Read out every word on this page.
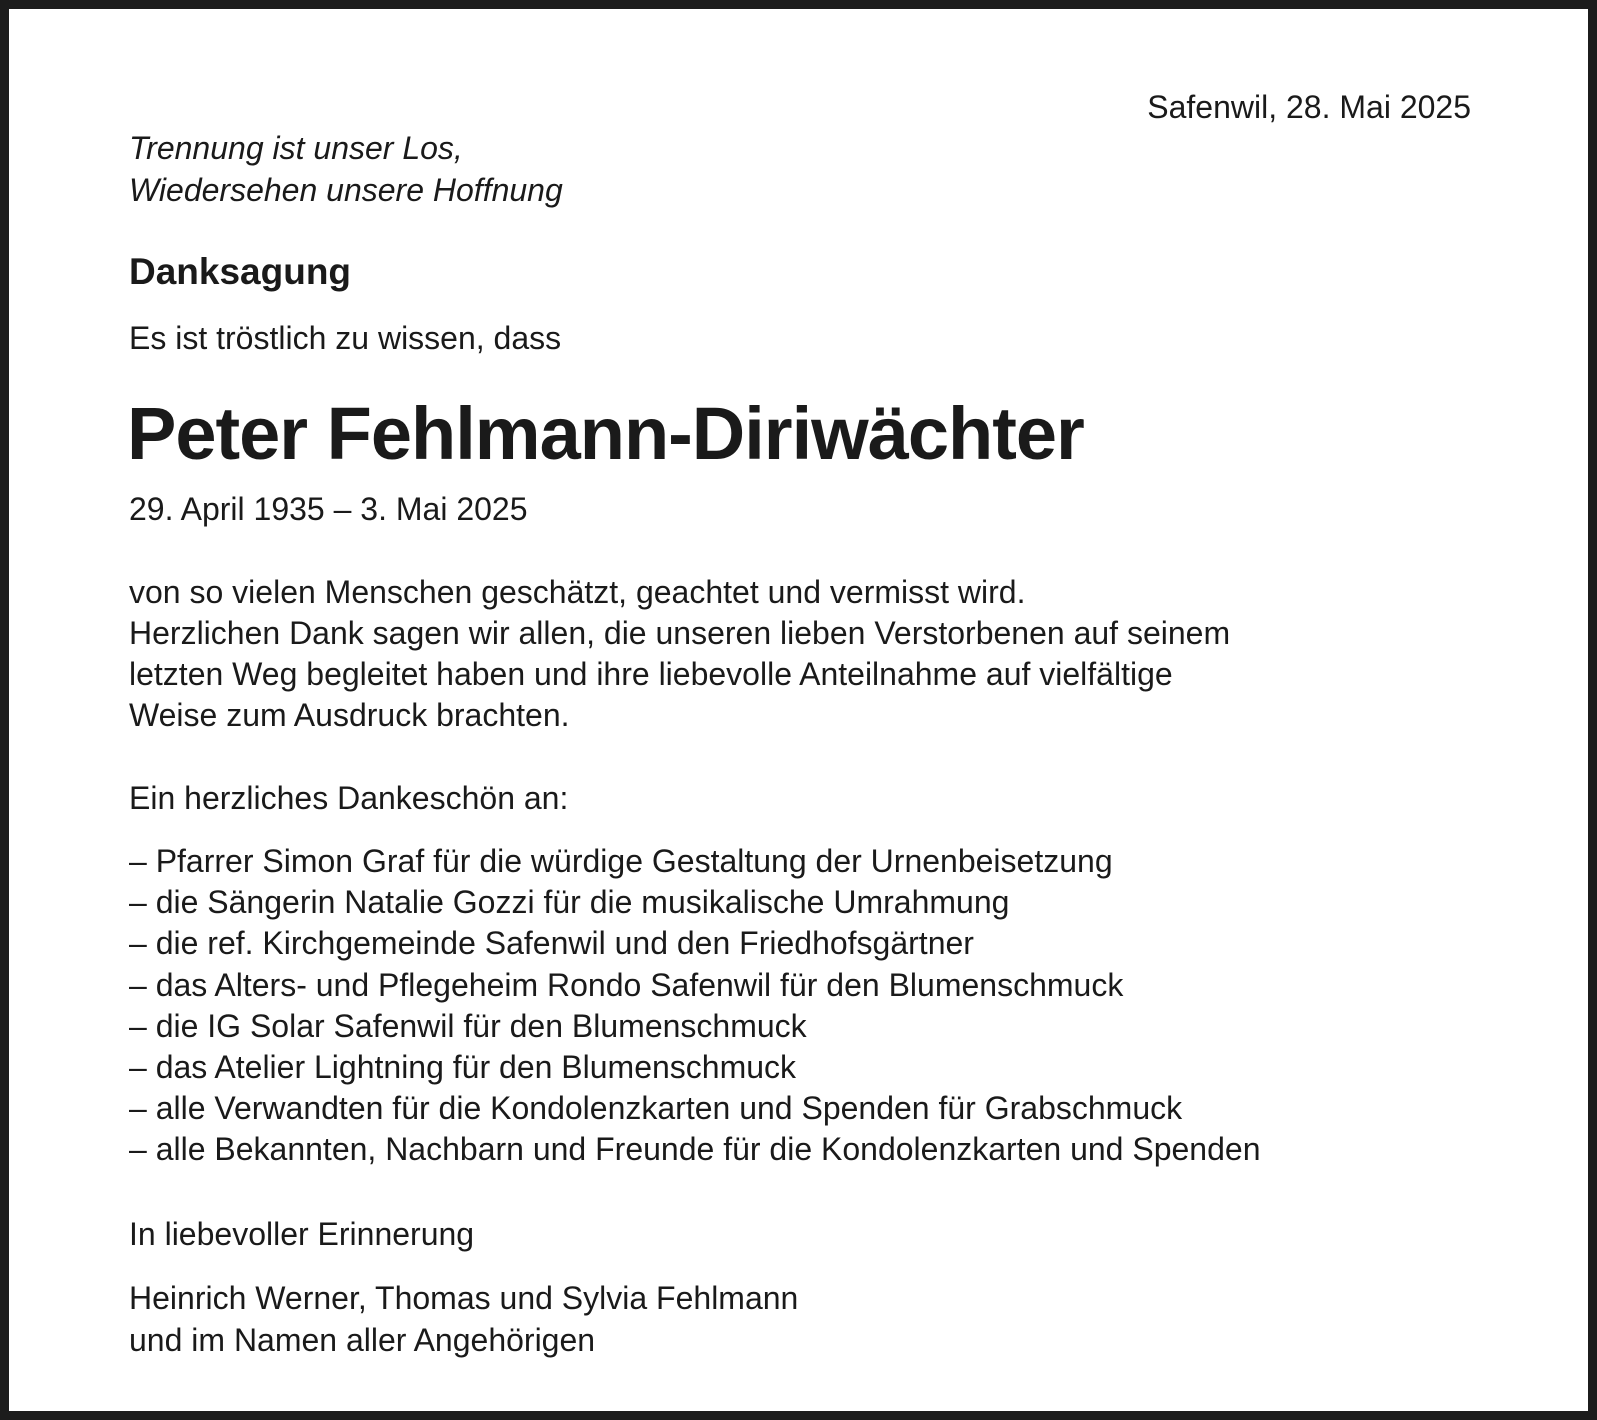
Safenwil, 28. Mai 2025
Trennung ist unser Los,
Wiedersehen unsere Hoffnung
Danksagung
Es ist tröstlich zu wissen, dass
Peter Fehlmann-Diriwächter
29. April 1935 – 3. Mai 2025
von so vielen Menschen geschätzt, geachtet und vermisst wird.
Herzlichen Dank sagen wir allen, die unseren lieben Verstorbenen auf seinem
letzten Weg begleitet haben und ihre liebevolle Anteilnahme auf vielfältige
Weise zum Ausdruck brachten.
Ein herzliches Dankeschön an:
– Pfarrer Simon Graf für die würdige Gestaltung der Urnenbeisetzung
– die Sängerin Natalie Gozzi für die musikalische Umrahmung
– die ref. Kirchgemeinde Safenwil und den Friedhofsgärtner
– das Alters- und Pflegeheim Rondo Safenwil für den Blumenschmuck
– die IG Solar Safenwil für den Blumenschmuck
– das Atelier Lightning für den Blumenschmuck
– alle Verwandten für die Kondolenzkarten und Spenden für Grabschmuck
– alle Bekannten, Nachbarn und Freunde für die Kondolenzkarten und Spenden
In liebevoller Erinnerung
Heinrich Werner, Thomas und Sylvia Fehlmann
und im Namen aller Angehörigen
